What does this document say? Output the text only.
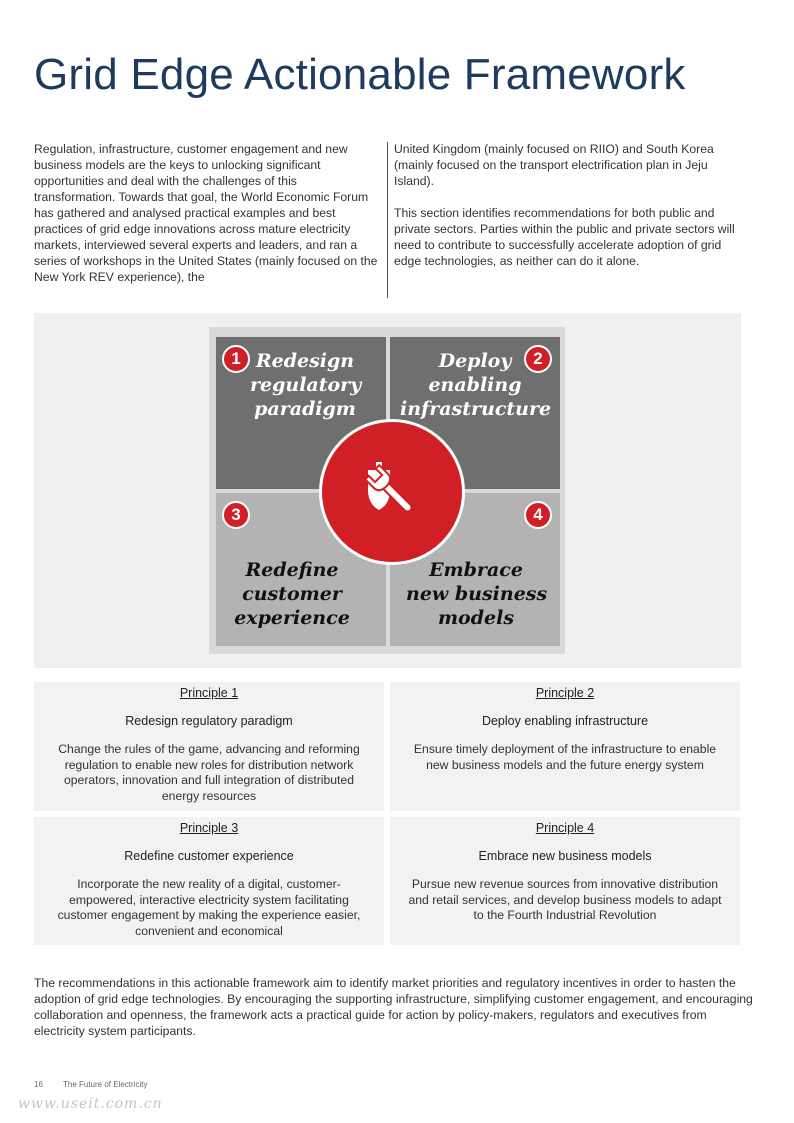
Grid Edge Actionable Framework

Regulation, infrastructure, customer engagement and new business models are the keys to unlocking significant opportunities and deal with the challenges of this transformation. Towards that goal, the World Economic Forum has gathered and analysed practical examples and best practices of grid edge innovations across mature electricity markets, interviewed several experts and leaders, and ran a series of workshops in the United States (mainly focused on the New York REV experience), the

United Kingdom (mainly focused on RIIO) and South Korea (mainly focused on the transport electrification plan in Jeju Island).

This section identifies recommendations for both public and private sectors. Parties within the public and private sectors will need to contribute to successfully accelerate adoption of grid edge technologies, as neither can do it alone.

Redesign
regulatory
paradigm
Deploy
enabling
infrastructure
Redefine
customer
experience
Embrace
new business
models
1	2
3	4
Principle 1
Redesign regulatory paradigm
Change the rules of the game, advancing and reforming regulation to enable new roles for distribution network operators, innovation and full integration of distributed energy resources
Principle 2
Deploy enabling infrastructure
Ensure timely deployment of the infrastructure to enable new business models and the future energy system
Principle 3
Redefine customer experience
Incorporate the new reality of a digital, customer-empowered, interactive electricity system facilitating customer engagement by making the experience easier, convenient and economical
Principle 4
Embrace new business models
Pursue new revenue sources from innovative distribution and retail services, and develop business models to adapt to the Fourth Industrial Revolution

The recommendations in this actionable framework aim to identify market priorities and regulatory incentives in order to hasten the adoption of grid edge technologies. By encouraging the supporting infrastructure, simplifying customer engagement, and encouraging collaboration and openness, the framework acts a practical guide for action by policy-makers, regulators and executives from electricity system participants.

16	The Future of Electricity
www.useit.com.cn
